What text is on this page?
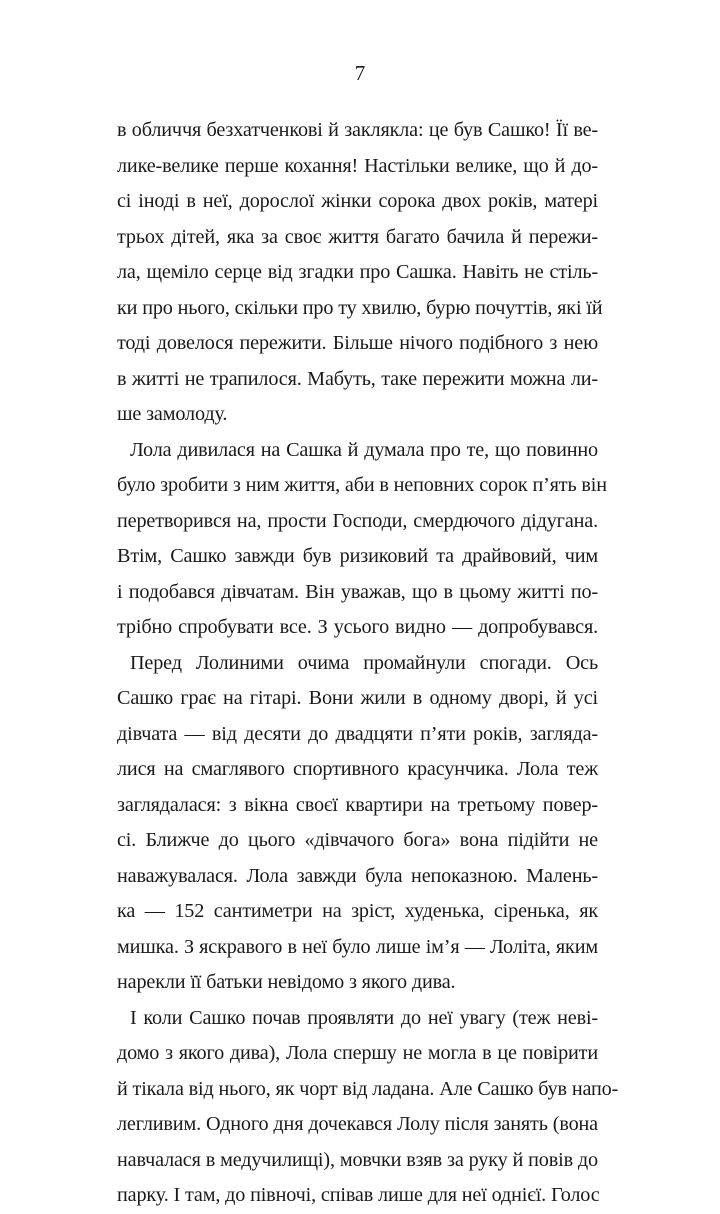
7
в обличчя безхатченкові й заклякла: це був Сашко! Її ве-
лике-велике перше кохання! Настільки велике, що й до-
сі іноді в неї, дорослої жінки сорока двох років, матері
трьох дітей, яка за своє життя багато бачила й пережи-
ла, щеміло серце від згадки про Сашка. Навіть не стіль-
ки про нього, скільки про ту хвилю, бурю почуттів, які їй
тоді довелося пережити. Більше нічого подібного з нею
в житті не трапилося. Мабуть, таке пережити можна ли-
ше замолоду.
Лола дивилася на Сашка й думала про те, що повинно
було зробити з ним життя, аби в неповних сорок п’ять він
перетворився на, прости Господи, смердючого дідугана.
Втім, Сашко завжди був ризиковий та драйвовий, чим
і подобався дівчатам. Він уважав, що в цьому житті по-
трібно спробувати все. З усього видно — допробувався.
Перед Лолиними очима промайнули спогади. Ось
Сашко грає на гітарі. Вони жили в одному дворі, й усі
дівчата — від десяти до двадцяти п’яти років, загляда-
лися на смаглявого спортивного красунчика. Лола теж
заглядалася: з вікна своєї квартири на третьому повер-
сі. Ближче до цього «дівчачого бога» вона підійти не
наважувалася. Лола завжди була непоказною. Малень-
ка — 152 сантиметри на зріст, худенька, сіренька, як
мишка. З яскравого в неї було лише ім’я — Лоліта, яким
нарекли її батьки невідомо з якого дива.
І коли Сашко почав проявляти до неї увагу (теж неві-
домо з якого дива), Лола спершу не могла в це повірити
й тікала від нього, як чорт від ладана. Але Сашко був напо-
легливим. Одного дня дочекався Лолу після занять (вона
навчалася в медучилищі), мовчки взяв за руку й повів до
парку. І там, до півночі, співав лише для неї однієї. Голос
